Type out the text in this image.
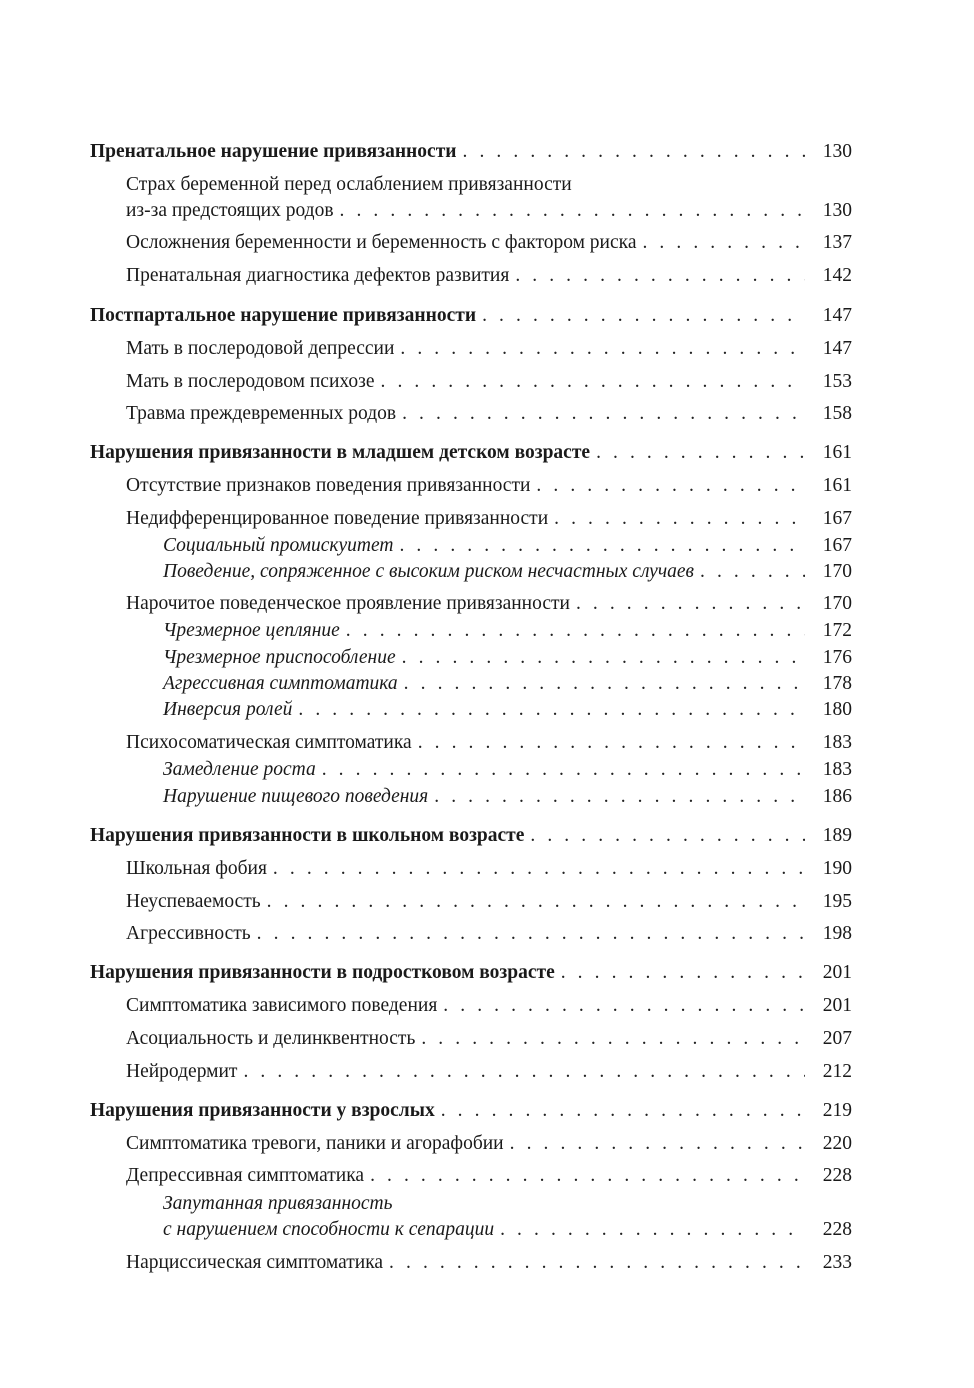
Пренатальное нарушение привязанности . . .	130
Страх беременной перед ослаблением привязанности
из-за предстоящих родов . . .	130
Осложнения беременности и беременность с фактором риска . . .	137
Пренатальная диагностика дефектов развития . . .	142
Постпартальное нарушение привязанности . . .	147
Мать в послеродовой депрессии . . .	147
Мать в послеродовом психозе . . .	153
Травма преждевременных родов . . .	158
Нарушения привязанности в младшем детском возрасте . . .	161
Отсутствие признаков поведения привязанности . . .	161
Недифференцированное поведение привязанности . . .	167
Социальный промискуитет . . .	167
Поведение, сопряженное с высоким риском несчастных случаев . . .	170
Нарочитое поведенческое проявление привязанности . . .	170
Чрезмерное цепляние . . .	172
Чрезмерное приспособление . . .	176
Агрессивная симптоматика . . .	178
Инверсия ролей . . .	180
Психосоматическая симптоматика . . .	183
Замедление роста . . .	183
Нарушение пищевого поведения . . .	186
Нарушения привязанности в школьном возрасте . . .	189
Школьная фобия . . .	190
Неуспеваемость . . .	195
Агрессивность . . .	198
Нарушения привязанности в подростковом возрасте . . .	201
Симптоматика зависимого поведения . . .	201
Асоциальность и делинквентность . . .	207
Нейродермит . . .	212
Нарушения привязанности у взрослых . . .	219
Симптоматика тревоги, паники и агорафобии . . .	220
Депрессивная симптоматика . . .	228
Запутанная привязанность
с нарушением способности к сепарации . . .	228
Нарциссическая симптоматика . . .	233
